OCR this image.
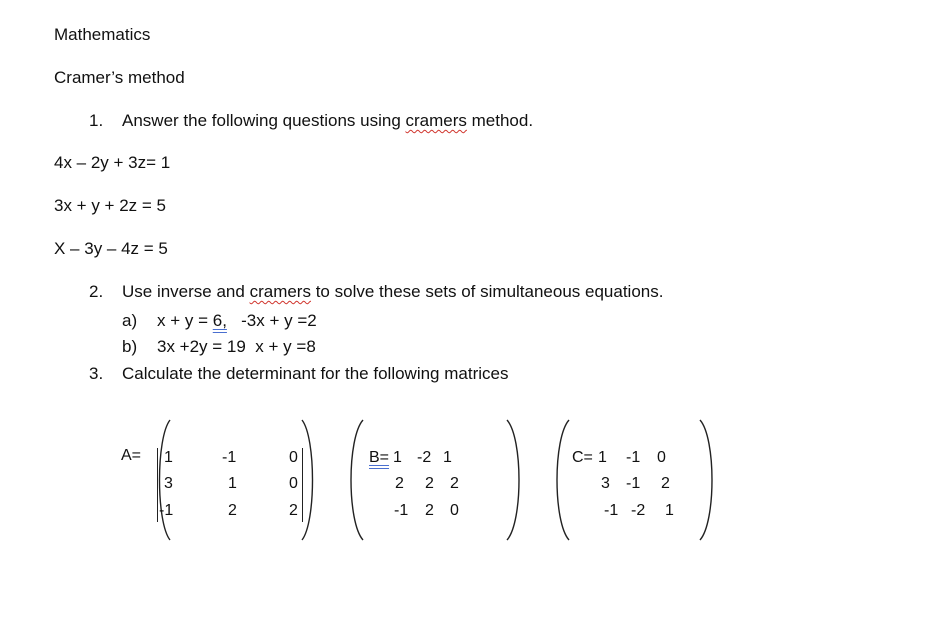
Mathematics
Cramer’s method
1. Answer the following questions using cramers method.
4x – 2y + 3z= 1
3x + y + 2z = 5
X – 3y – 4z = 5
2. Use inverse and cramers to solve these sets of simultaneous equations.
a) x + y = 6,   -3x + y =2
b) 3x +2y = 19  x + y =8
3. Calculate the determinant for the following matrices
A= 1	-1	0
3	1	0
-1	2	2
B= 1 -2 1
2 2 2
-1 2 0
C= 1 -1 0
3 -1 2
-1 -2 1
